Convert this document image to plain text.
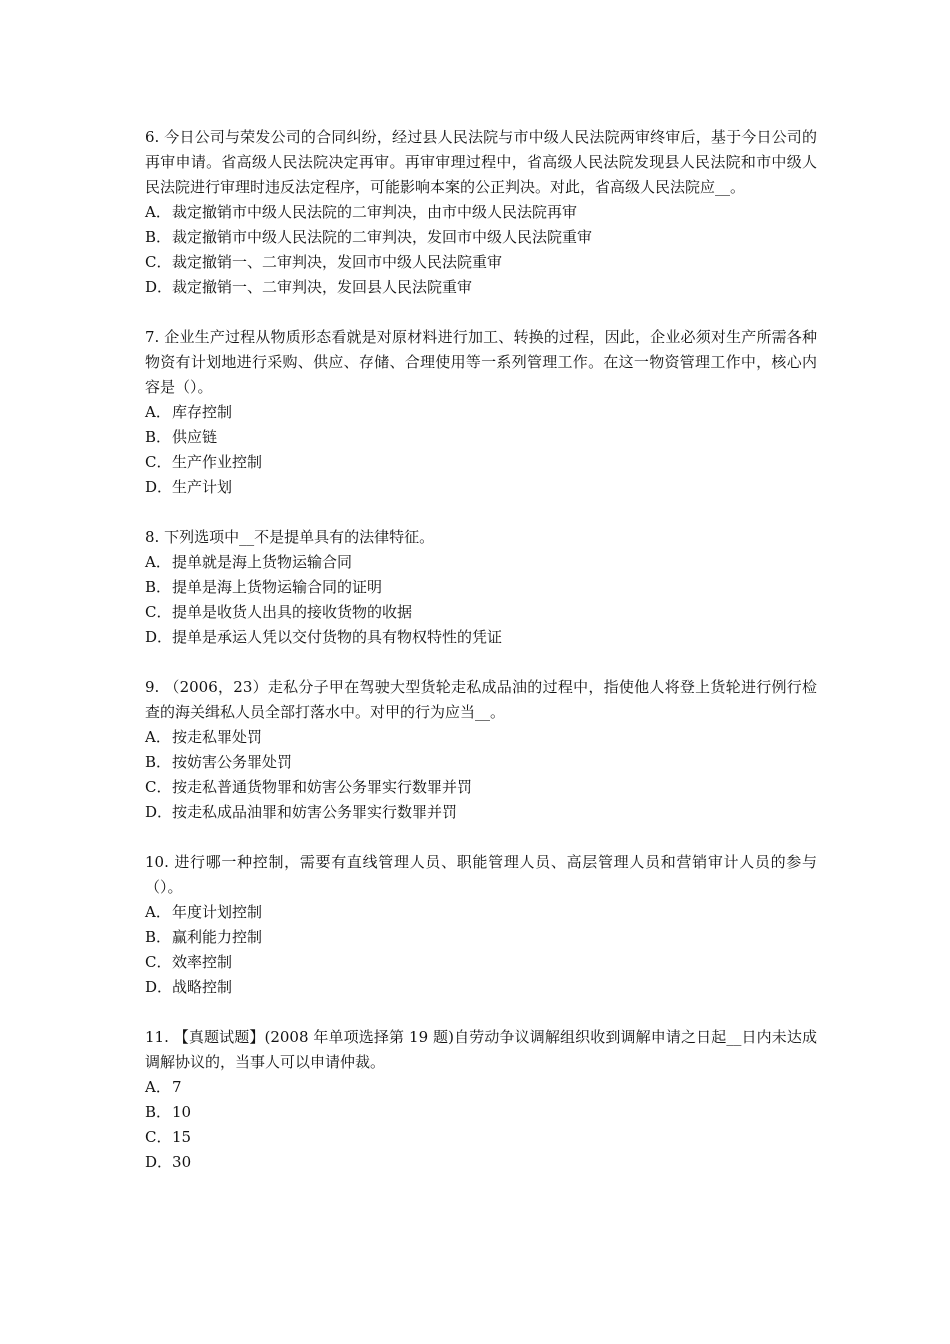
6. 今日公司与荣发公司的合同纠纷，经过县人民法院与市中级人民法院两审终审后，基于今日公司的再审申请。省高级人民法院决定再审。再审审理过程中，省高级人民法院发现县人民法院和市中级人民法院进行审理时违反法定程序，可能影响本案的公正判决。对此，省高级人民法院应__。

A．裁定撤销市中级人民法院的二审判决，由市中级人民法院再审
B．裁定撤销市中级人民法院的二审判决，发回市中级人民法院重审
C．裁定撤销一、二审判决，发回市中级人民法院重审
D．裁定撤销一、二审判决，发回县人民法院重审

7. 企业生产过程从物质形态看就是对原材料进行加工、转换的过程，因此，企业必须对生产所需各种物资有计划地进行采购、供应、存储、合理使用等一系列管理工作。在这一物资管理工作中，核心内容是（）。

A．库存控制
B．供应链
C．生产作业控制
D．生产计划

8. 下列选项中__不是提单具有的法律特征。

A．提单就是海上货物运输合同
B．提单是海上货物运输合同的证明
C．提单是收货人出具的接收货物的收据
D．提单是承运人凭以交付货物的具有物权特性的凭证

9. （2006，23）走私分子甲在驾驶大型货轮走私成品油的过程中，指使他人将登上货轮进行例行检查的海关缉私人员全部打落水中。对甲的行为应当__。

A．按走私罪处罚
B．按妨害公务罪处罚
C．按走私普通货物罪和妨害公务罪实行数罪并罚
D．按走私成品油罪和妨害公务罪实行数罪并罚

10. 进行哪一种控制，需要有直线管理人员、职能管理人员、高层管理人员和营销审计人员的参与（）。

A．年度计划控制
B．赢利能力控制
C．效率控制
D．战略控制

11. 【真题试题】(2008 年单项选择第 19 题)自劳动争议调解组织收到调解申请之日起__日内未达成调解协议的，当事人可以申请仲裁。

A．7
B．10
C．15
D．30
